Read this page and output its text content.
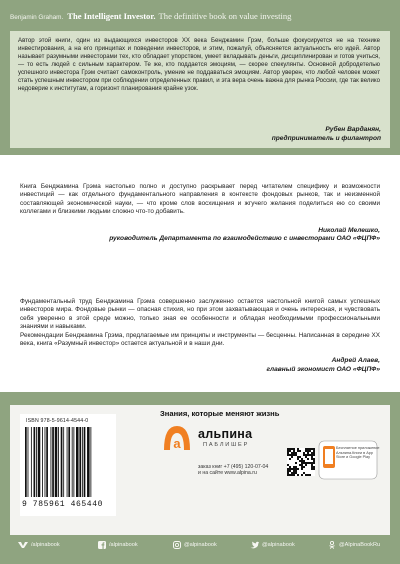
Benjamin Graham. The Intelligent Investor. The definitive book on value investing
Автор этой книги, один из выдающихся инвесторов XX века Бенджамин Грэм, больше фокусируется не на технике инвестирования, а на его принципах и поведении инвесторов, и этим, пожалуй, объясняется актуальность его идей. Автор называет разумными инвесторами тех, кто обладает упорством, умеет вкладывать деньги, дисциплинирован и готов учиться, — то есть людей с сильным характером. Те же, кто поддается эмоциям, — скорее спекулянты. Основной добродетелью успешного инвестора Грэм считает самоконтроль, умение не поддаваться эмоциям. Автор уверен, что любой человек может стать успешным инвестором при соблюдении определенных правил, и эта вера очень важна для рынка России, где так велико недоверие к институтам, а горизонт планирования крайне узок.
Рубен Варданян,
предприниматель и филантроп

Книга Бенджамина Грэма настолько полно и доступно раскрывает перед читателем специфику и возможности инвестиций — как отдельного фундаментального направления в контексте фондовых рынков, так и неизменной составляющей экономической науки, — что кроме слов восхищения и жгучего желания поделиться ею со своими коллегами и близкими людьми сложно что-то добавить.

Николай Мелешко,
руководитель Департамента по взаимодействию с инвесторами ОАО «ФЦПФ»

Фундаментальный труд Бенджамина Грэма совершенно заслуженно остается настольной книгой самых успешных инвесторов мира. Фондовые рынки — опасная стихия, но при этом захватывающая и очень интересная, и чувствовать себя уверенно в этой среде можно, только зная ее особенности и обладая необходимыми профессиональными знаниями и навыками.

Рекомендации Бенджамина Грэма, предлагаемые им принципы и инструменты — бесценны. Написанная в середине XX века, книга «Разумный инвестор» остается актуальной и в наши дни.

Андрей Алаев,
главный экономист ОАО «ФЦПФ»
ISBN 978-5-9614-4544-0
9 785961 465440
Знания, которые меняют жизнь
a
альпина
ПАБЛИШЕР
заказ книг +7 (495) 120-07-04
и на сайте www.alpina.ru
Бесплатное приложение Альпина.Книги в App Store и Google Play
/alpinabook	/alpinabook	@alpinabook	@alpinabook	@AlpinaBookRu
